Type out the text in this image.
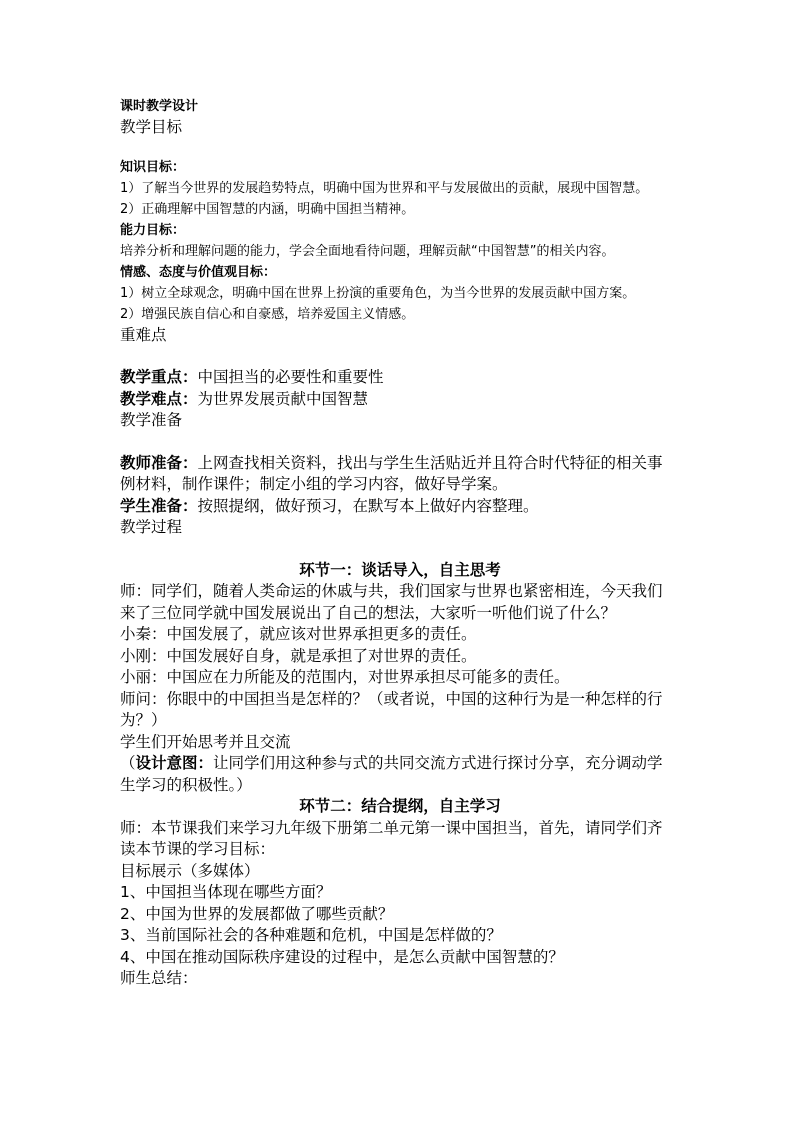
课时教学设计
教学目标
知识目标：
1）了解当今世界的发展趋势特点，明确中国为世界和平与发展做出的贡献，展现中国智慧。
2）正确理解中国智慧的内涵，明确中国担当精神。
能力目标：
培养分析和理解问题的能力，学会全面地看待问题，理解贡献“中国智慧”的相关内容。
情感、态度与价值观目标：
1）树立全球观念，明确中国在世界上扮演的重要角色，为当今世界的发展贡献中国方案。
2）增强民族自信心和自豪感，培养爱国主义情感。
重难点
教学重点：中国担当的必要性和重要性
教学难点：为世界发展贡献中国智慧
教学准备
教师准备：上网查找相关资料，找出与学生生活贴近并且符合时代特征的相关事
例材料，制作课件；制定小组的学习内容，做好导学案。
学生准备：按照提纲，做好预习，在默写本上做好内容整理。
教学过程
环节一：谈话导入，自主思考
师：同学们，随着人类命运的休戚与共，我们国家与世界也紧密相连，今天我们
来了三位同学就中国发展说出了自己的想法，大家听一听他们说了什么？
小秦：中国发展了，就应该对世界承担更多的责任。
小刚：中国发展好自身，就是承担了对世界的责任。
小丽：中国应在力所能及的范围内，对世界承担尽可能多的责任。
师问：你眼中的中国担当是怎样的？（或者说，中国的这种行为是一种怎样的行
为？）
学生们开始思考并且交流
（设计意图：让同学们用这种参与式的共同交流方式进行探讨分享，充分调动学
生学习的积极性。）
环节二：结合提纲，自主学习
师：本节课我们来学习九年级下册第二单元第一课中国担当，首先，请同学们齐
读本节课的学习目标：
目标展示（多媒体）
1、中国担当体现在哪些方面？
2、中国为世界的发展都做了哪些贡献？
3、当前国际社会的各种难题和危机，中国是怎样做的？
4、中国在推动国际秩序建设的过程中，是怎么贡献中国智慧的？
师生总结：
